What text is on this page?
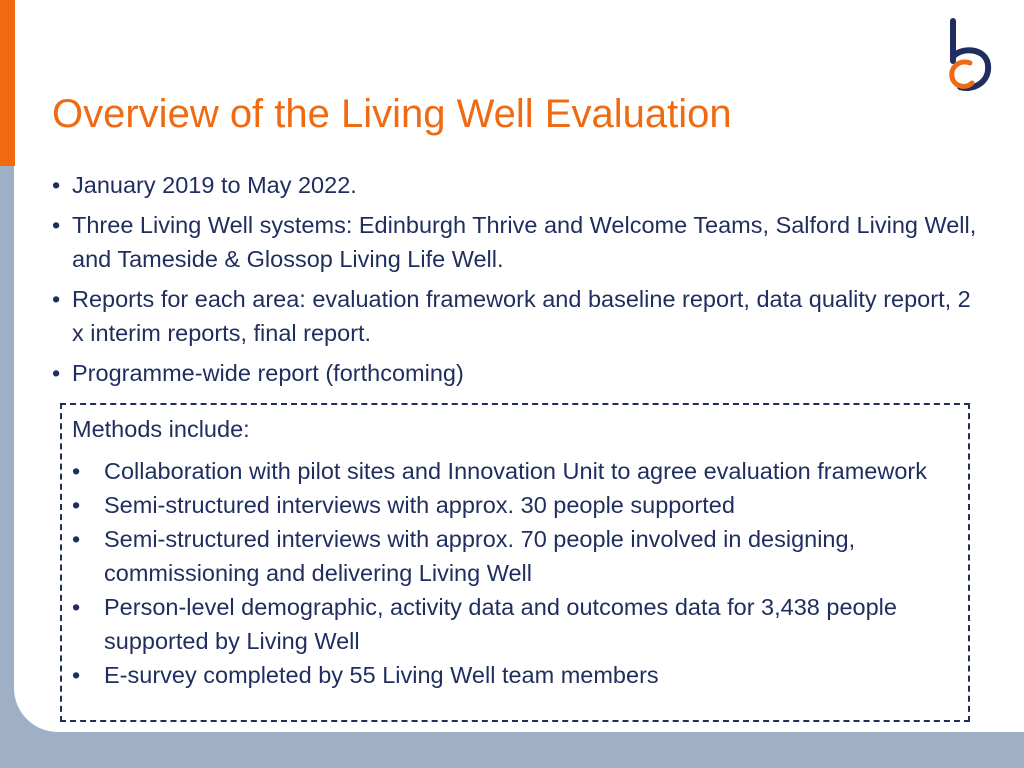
Overview of the Living Well Evaluation
• January 2019 to May 2022.
• Three Living Well systems: Edinburgh Thrive and Welcome Teams, Salford Living Well, and Tameside & Glossop Living Life Well.
• Reports for each area: evaluation framework and baseline report, data quality report, 2 x interim reports, final report.
• Programme-wide report (forthcoming)
Methods include:
• Collaboration with pilot sites and Innovation Unit to agree evaluation framework
• Semi-structured interviews with approx. 30 people supported
• Semi-structured interviews with approx. 70 people involved in designing, commissioning and delivering Living Well
• Person-level demographic, activity data and outcomes data for 3,438 people supported by Living Well
• E-survey completed by 55 Living Well team members
